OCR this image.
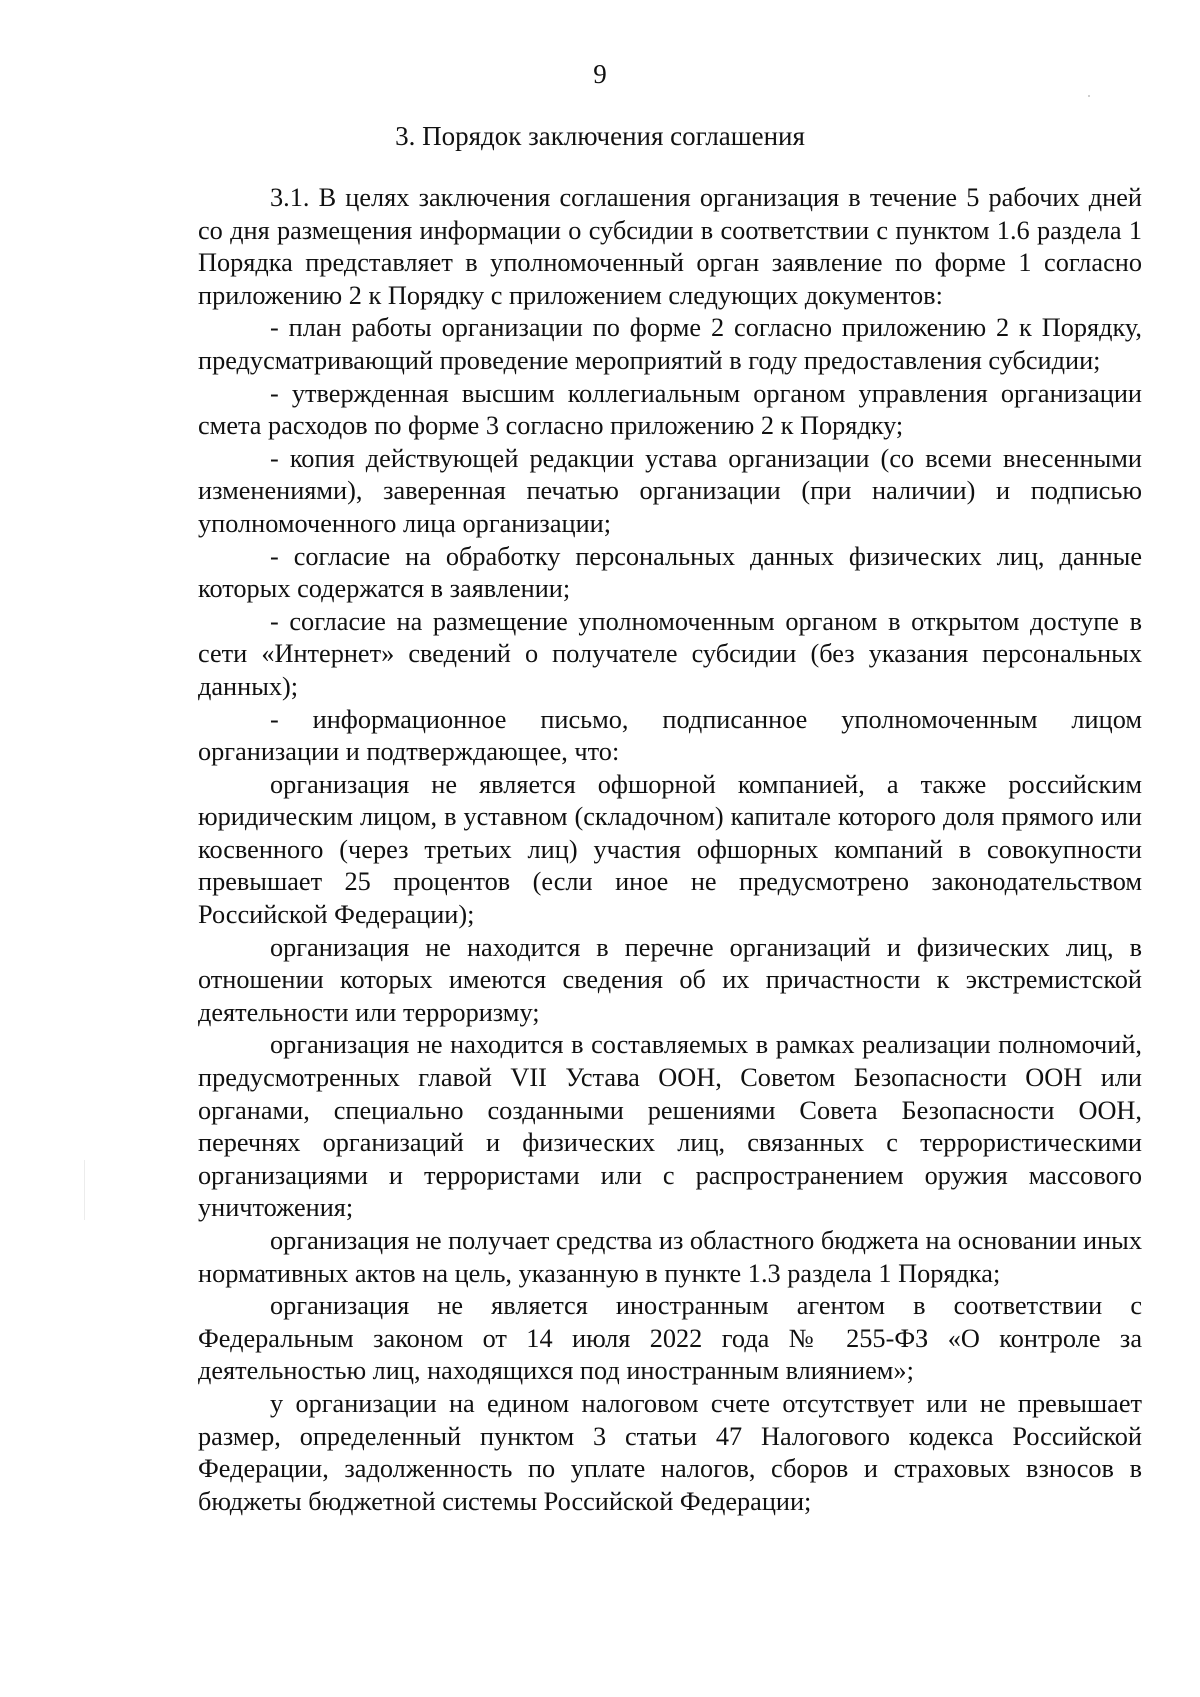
9
3. Порядок заключения соглашения

3.1. В целях заключения соглашения организация в течение 5 рабочих дней со дня размещения информации о субсидии в соответствии с пунктом 1.6 раздела 1 Порядка представляет в уполномоченный орган заявление по форме 1 согласно приложению 2 к Порядку с приложением следующих документов:

- план работы организации по форме 2 согласно приложению 2 к Порядку, предусматривающий проведение мероприятий в году предоставления субсидии;

- утвержденная высшим коллегиальным органом управления организации смета расходов по форме 3 согласно приложению 2 к Порядку;

- копия действующей редакции устава организации (со всеми внесенными изменениями), заверенная печатью организации (при наличии) и подписью уполномоченного лица организации;

- согласие на обработку персональных данных физических лиц, данные которых содержатся в заявлении;

- согласие на размещение уполномоченным органом в открытом доступе в сети «Интернет» сведений о получателе субсидии (без указания персональных данных);

- информационное письмо, подписанное уполномоченным лицом организации и подтверждающее, что:

организация не является офшорной компанией, а также российским юридическим лицом, в уставном (складочном) капитале которого доля прямого или косвенного (через третьих лиц) участия офшорных компаний в совокупности превышает 25 процентов (если иное не предусмотрено законодательством Российской Федерации);

организация не находится в перечне организаций и физических лиц, в отношении которых имеются сведения об их причастности к экстремистской деятельности или терроризму;

организация не находится в составляемых в рамках реализации полномочий, предусмотренных главой VII Устава ООН, Советом Безопасности ООН или органами, специально созданными решениями Совета Безопасности ООН, перечнях организаций и физических лиц, связанных с террористическими организациями и террористами или с распространением оружия массового уничтожения;

организация не получает средства из областного бюджета на основании иных нормативных актов на цель, указанную в пункте 1.3 раздела 1 Порядка;

организация не является иностранным агентом в соответствии с Федеральным законом от 14 июля 2022 года № 255-ФЗ «О контроле за деятельностью лиц, находящихся под иностранным влиянием»;

у организации на едином налоговом счете отсутствует или не превышает размер, определенный пунктом 3 статьи 47 Налогового кодекса Российской Федерации, задолженность по уплате налогов, сборов и страховых взносов в бюджеты бюджетной системы Российской Федерации;
